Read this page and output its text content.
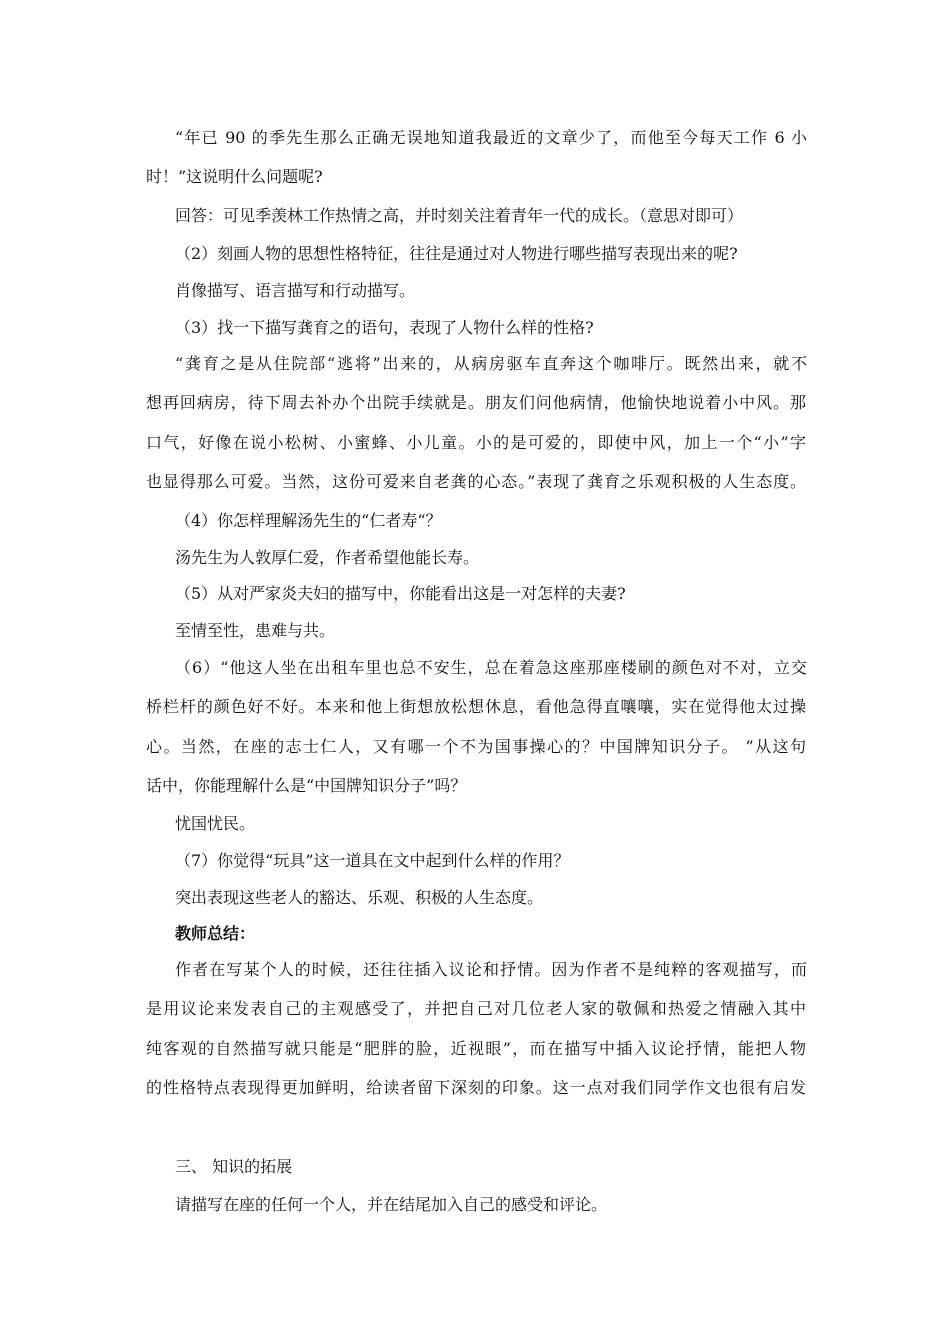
“年已 90 的季先生那么正确无误地知道我最近的文章少了，而他至今每天工作 6 小
时！”这说明什么问题呢?
回答：可见季羡林工作热情之高，并时刻关注着青年一代的成长。（意思对即可）
（2）刻画人物的思想性格特征，往往是通过对人物进行哪些描写表现出来的呢?
肖像描写、语言描写和行动描写。
（3）找一下描写龚育之的语句，表现了人物什么样的性格?
“龚育之是从住院部“逃将”出来的，从病房驱车直奔这个咖啡厅。既然出来，就不
想再回病房，待下周去补办个出院手续就是。朋友们问他病情，他愉快地说着小中风。那
口气，好像在说小松树、小蜜蜂、小儿童。小的是可爱的，即使中风，加上一个“小”字
也显得那么可爱。当然，这份可爱来自老龚的心态。”表现了龚育之乐观积极的人生态度。
（4）你怎样理解汤先生的“仁者寿“？
汤先生为人敦厚仁爱，作者希望他能长寿。
（5）从对严家炎夫妇的描写中，你能看出这是一对怎样的夫妻?
至情至性，患难与共。
（6）“他这人坐在出租车里也总不安生，总在着急这座那座楼刷的颜色对不对，立交
桥栏杆的颜色好不好。本来和他上街想放松想休息，看他急得直嚷嚷，实在觉得他太过操
心。当然，在座的志士仁人，又有哪一个不为国事操心的？中国牌知识分子。 ”从这句
话中，你能理解什么是“中国牌知识分子”吗？
忧国忧民。
（7）你觉得“玩具”这一道具在文中起到什么样的作用？
突出表现这些老人的豁达、乐观、积极的人生态度。
教师总结：
作者在写某个人的时候，还往往插入议论和抒情。因为作者不是纯粹的客观描写，而
是用议论来发表自己的主观感受了，并把自己对几位老人家的敬佩和热爱之情融入其中
纯客观的自然描写就只能是“肥胖的脸，近视眼”，而在描写中插入议论抒情，能把人物
的性格特点表现得更加鲜明，给读者留下深刻的印象。这一点对我们同学作文也很有启发
三、 知识的拓展
请描写在座的任何一个人，并在结尾加入自己的感受和评论。
